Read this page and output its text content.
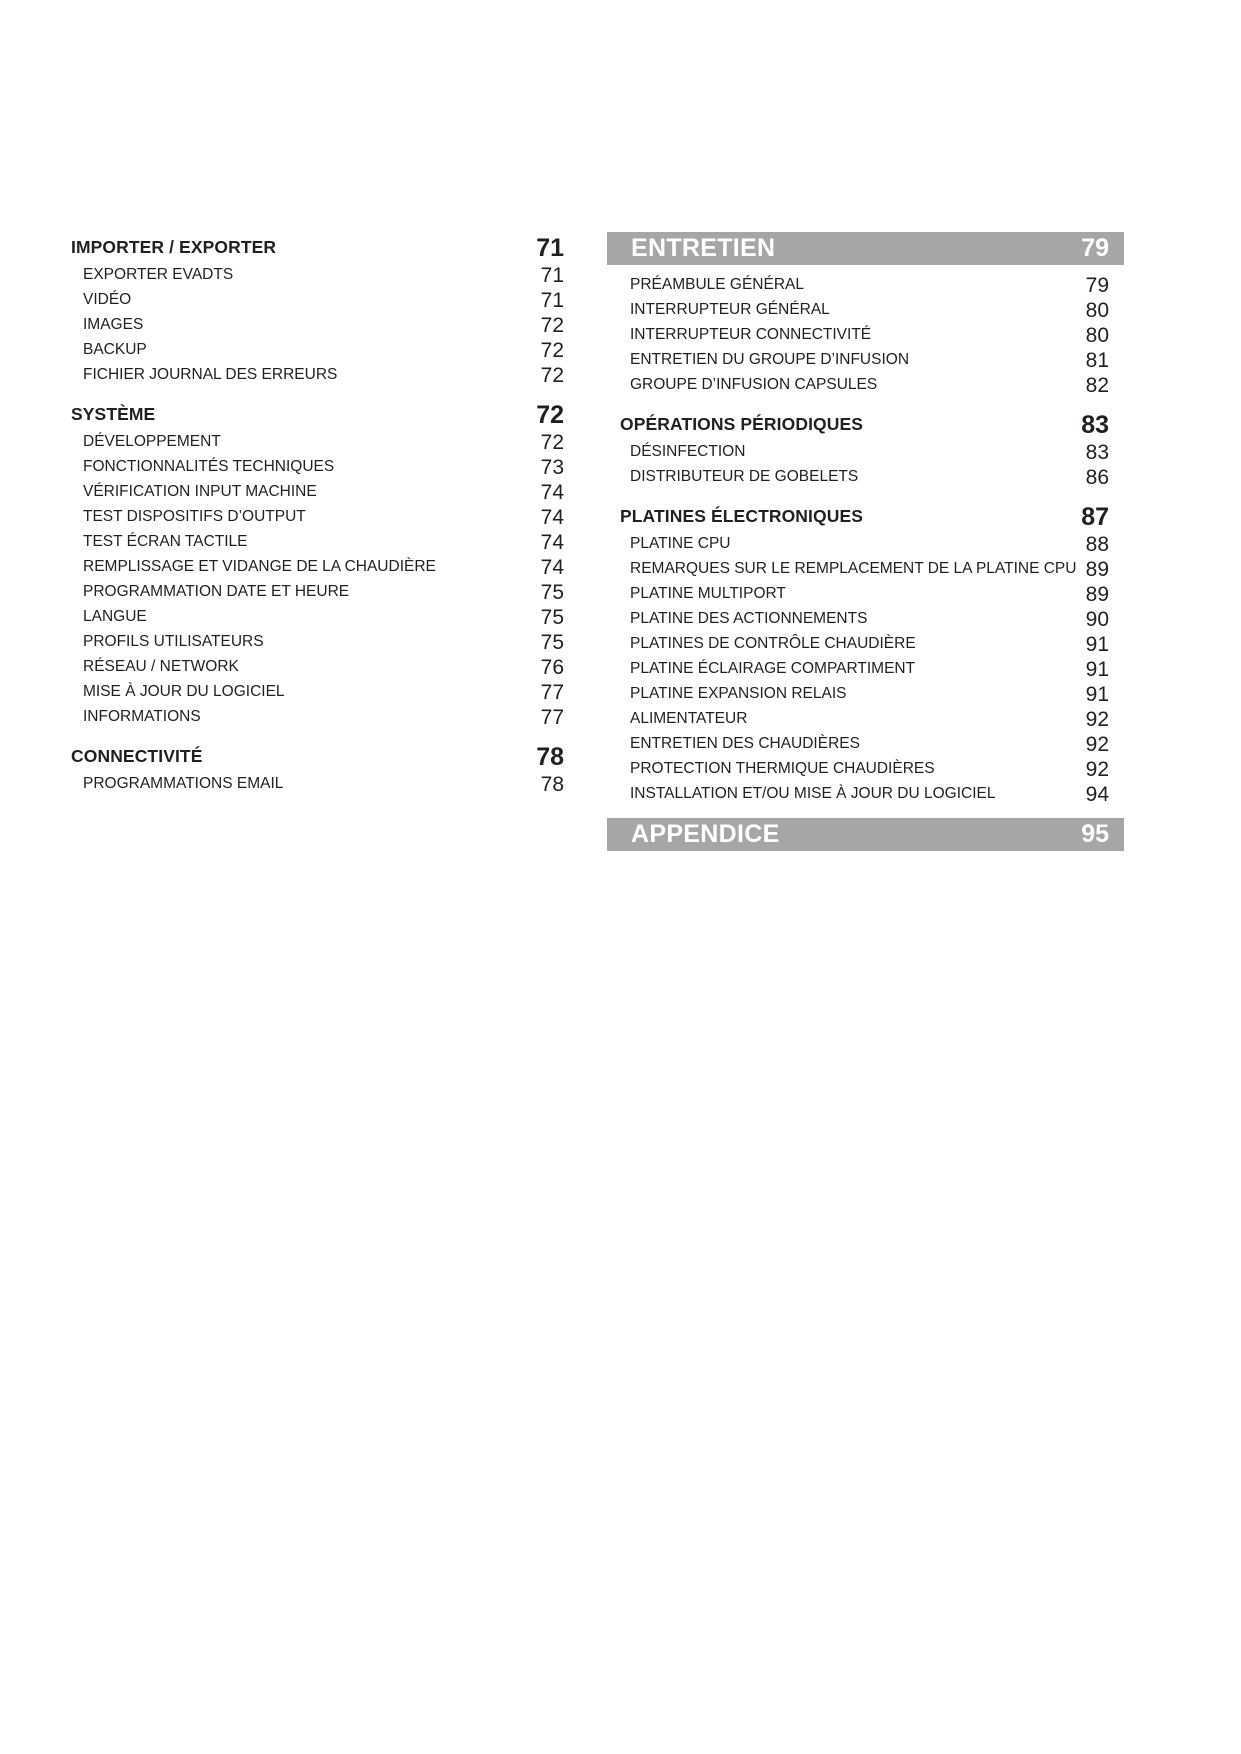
IMPORTER / EXPORTER	71
EXPORTER EVADTS	71
VIDÉO	71
IMAGES	72
BACKUP	72
FICHIER JOURNAL DES ERREURS	72
SYSTÈME	72
DÉVELOPPEMENT	72
FONCTIONNALITÉS TECHNIQUES	73
VÉRIFICATION INPUT MACHINE	74
TEST DISPOSITIFS D’OUTPUT	74
TEST ÉCRAN TACTILE	74
REMPLISSAGE ET VIDANGE DE LA CHAUDIÈRE	74
PROGRAMMATION DATE ET HEURE	75
LANGUE	75
PROFILS UTILISATEURS	75
RÉSEAU / NETWORK	76
MISE À JOUR DU LOGICIEL	77
INFORMATIONS	77
CONNECTIVITÉ	78
PROGRAMMATIONS EMAIL	78
ENTRETIEN	79
PRÉAMBULE GÉNÉRAL	79
INTERRUPTEUR GÉNÉRAL	80
INTERRUPTEUR CONNECTIVITÉ	80
ENTRETIEN DU GROUPE D’INFUSION	81
GROUPE D’INFUSION CAPSULES	82
OPÉRATIONS PÉRIODIQUES	83
DÉSINFECTION	83
DISTRIBUTEUR DE GOBELETS	86
PLATINES ÉLECTRONIQUES	87
PLATINE CPU	88
REMARQUES SUR LE REMPLACEMENT DE LA PLATINE CPU 89
PLATINE MULTIPORT	89
PLATINE DES ACTIONNEMENTS	90
PLATINES DE CONTRÔLE CHAUDIÈRE	91
PLATINE ÉCLAIRAGE COMPARTIMENT	91
PLATINE EXPANSION RELAIS	91
ALIMENTATEUR	92
ENTRETIEN DES CHAUDIÈRES	92
PROTECTION THERMIQUE CHAUDIÈRES	92
INSTALLATION ET/OU MISE À JOUR DU LOGICIEL	94
APPENDICE	95
